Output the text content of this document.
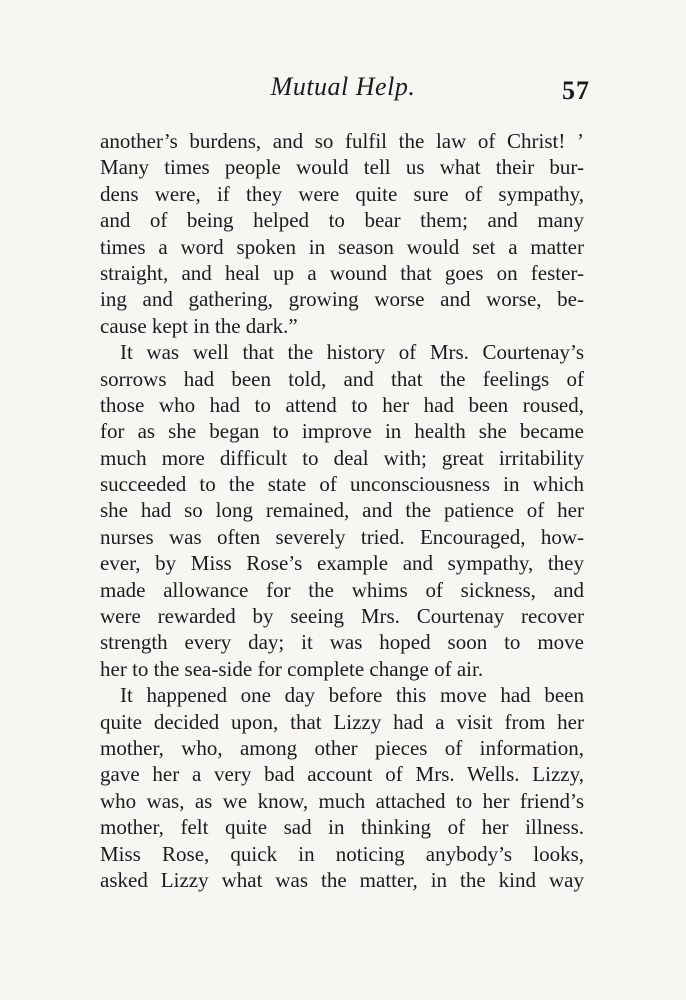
Mutual Help.	57
another’s burdens, and so fulfil the law of Christ! ’
Many times people would tell us what their bur-
dens were, if they were quite sure of sympathy,
and of being helped to bear them; and many
times a word spoken in season would set a matter
straight, and heal up a wound that goes on fester-
ing and gathering, growing worse and worse, be-
cause kept in the dark.”
It was well that the history of Mrs. Courtenay’s
sorrows had been told, and that the feelings of
those who had to attend to her had been roused,
for as she began to improve in health she became
much more difficult to deal with; great irritability
succeeded to the state of unconsciousness in which
she had so long remained, and the patience of her
nurses was often severely tried. Encouraged, how-
ever, by Miss Rose’s example and sympathy, they
made allowance for the whims of sickness, and
were rewarded by seeing Mrs. Courtenay recover
strength every day; it was hoped soon to move
her to the sea-side for complete change of air.
It happened one day before this move had been
quite decided upon, that Lizzy had a visit from her
mother, who, among other pieces of information,
gave her a very bad account of Mrs. Wells. Lizzy,
who was, as we know, much attached to her friend’s
mother, felt quite sad in thinking of her illness.
Miss Rose, quick in noticing anybody’s looks,
asked Lizzy what was the matter, in the kind way
